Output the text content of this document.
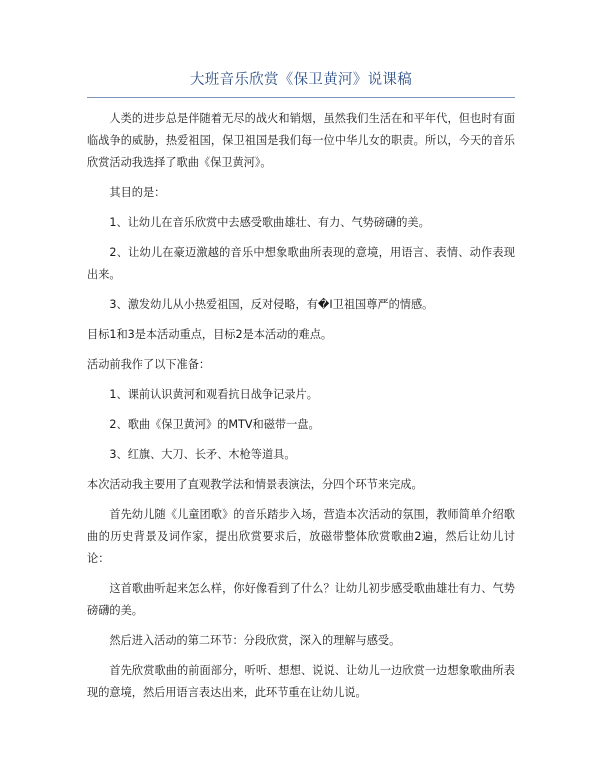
大班音乐欣赏《保卫黄河》说课稿

人类的进步总是伴随着无尽的战火和销烟，虽然我们生活在和平年代，但也时有面临战争的威胁，热爱祖国，保卫祖国是我们每一位中华儿女的职责。所以，今天的音乐欣赏活动我选择了歌曲《保卫黄河》。

其目的是：

1、让幼儿在音乐欣赏中去感受歌曲雄壮、有力、气势磅礴的美。

2、让幼儿在豪迈激越的音乐中想象歌曲所表现的意境，用语言、表情、动作表现出来。

3、激发幼儿从小热爱祖国，反对侵略，有�I卫祖国尊严的情感。

目标1和3是本活动重点，目标2是本活动的难点。

活动前我作了以下准备：

1、课前认识黄河和观看抗日战争记录片。

2、歌曲《保卫黄河》的MTV和磁带一盘。

3、红旗、大刀、长矛、木枪等道具。

本次活动我主要用了直观教学法和情景表演法，分四个环节来完成。

首先幼儿随《儿童团歌》的音乐踏步入场，营造本次活动的氛围，教师简单介绍歌曲的历史背景及词作家，提出欣赏要求后，放磁带整体欣赏歌曲2遍，然后让幼儿讨论：

这首歌曲听起来怎么样，你好像看到了什么？让幼儿初步感受歌曲雄壮有力、气势磅礴的美。

然后进入活动的第二环节：分段欣赏，深入的理解与感受。

首先欣赏歌曲的前面部分，听听、想想、说说、让幼儿一边欣赏一边想象歌曲所表现的意境，然后用语言表达出来，此环节重在让幼儿说。
